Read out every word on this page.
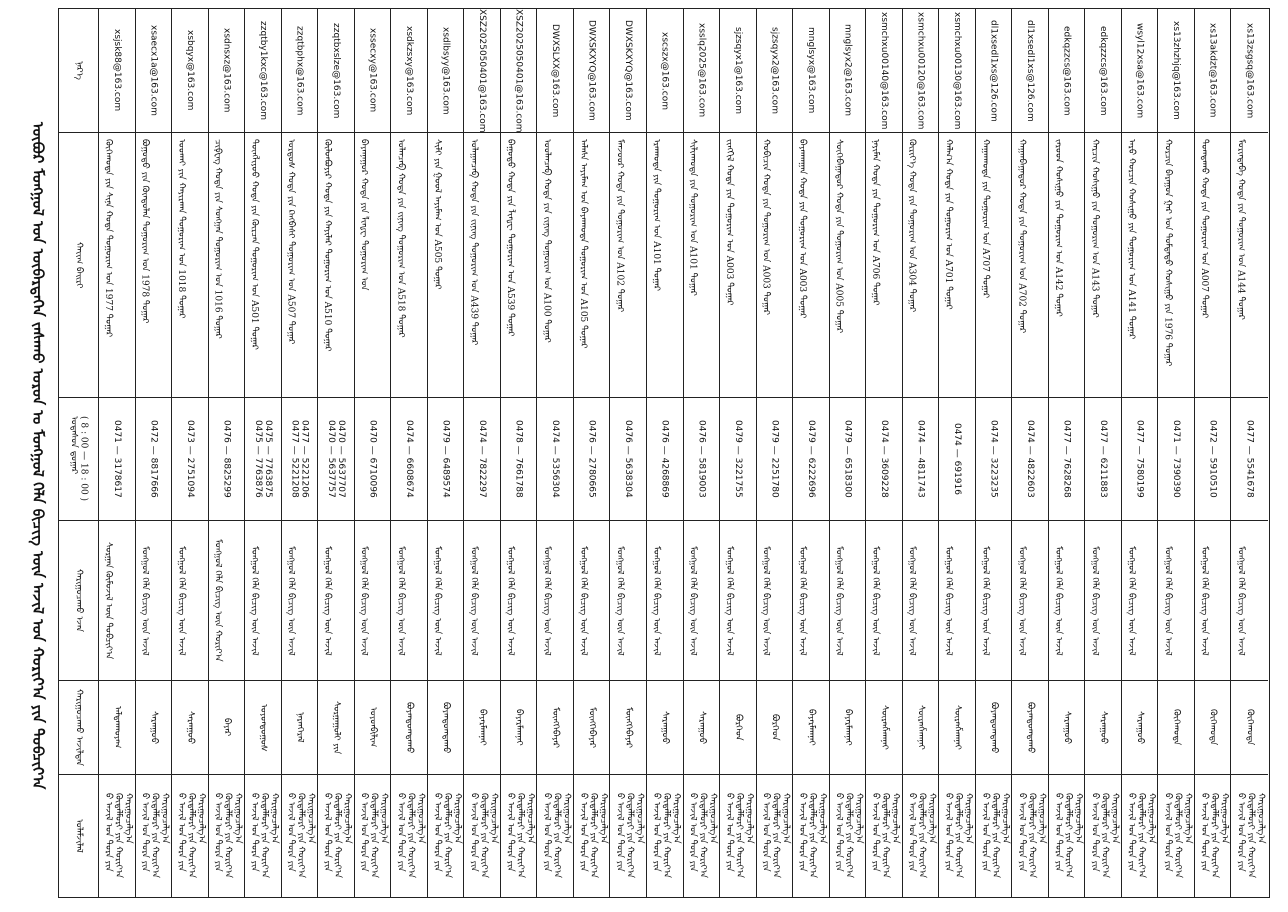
ᠦᠪᠦᠷ ᠮᠣᠩᠭᠣᠯ ᠤᠨ ᠥᠪᠡᠷᠲᠡᠭᠡᠨ ᠵᠠᠰᠠᠬᠤ ᠣᠷᠤᠨ ᠤ ᠮᠣᠩᠭᠣᠯ ᠬᠡᠯᠡ ᠪᠢᠴᠢᠭ ᠦᠨ ᠠᠵᠢᠯ ᠤᠨ ᠬᠤᠷᠢᠶ᠎ᠠ ᠶᠢᠨ ᠲᠣᠪᠴᠢᠶ᠎ᠠ
ᠨᠡᠷ᠎ᠡ
ᠬᠠᠶ᠋ᠢᠭ ᠪᠠᠢᠷᠢ
ᠤᠲᠠᠰᠤᠨ ᠳ᠋ᠤᠭᠠᠷ
( 8 : 00 — 18 : 00 )
ᠬᠠᠷᠢᠭᠤᠴᠠᠬᠤ ᠡᠵᠡᠨ
ᠬᠠᠷᠢᠭᠤᠴᠠᠬᠤ ᠠᠵᠢᠯᠲᠠᠨ
ᠤᠯᠠᠮᠵᠢᠯᠠᠯ
xsjsk88@163.com
ᠬᠥᠬᠡᠬᠣᠲᠠ ᠶᠢᠨ ᠰᠢᠨᠡ ᠬᠣᠲᠠ ᠲᠣᠭᠣᠷᠢᠭ ᠤᠨ 1977 ᠳᠤᠭᠠᠷ
0471 — 3178617
ᠰᠤᠷᠭᠠᠨ ᠬᠦᠮᠦᠵᠢᠯ ᠦᠨ ᠲᠣᠪᠴᠢᠶ᠎ᠠ
ᠠᠯᠲᠠᠨᠬᠤᠶᠠᠭ
ᠪ ᠠᠵᠢᠯ ᠤᠨ ᠳᠤᠷᠠ ᠶᠢᠨ
ᠬᠥᠳᠡᠯᠮᠦᠷᠢ ᠶᠢᠨ ᠬᠤᠷᠢᠶ᠎ᠠ
ᠬᠠᠷᠢᠭᠤᠴᠠᠯᠭ᠎ᠠ
xsaecx1a@163.com
ᠪᠤᠭᠤᠲᠤ ᠶᠢᠨ ᠬᠦᠨᠳᠦᠯᠡᠨ ᠲᠣᠭᠣᠷᠢᠭ ᠤᠨ 1978 ᠳᠤᠭᠠᠷ
0472 — 8817666
ᠮᠣᠩᠭᠣᠯ ᠬᠡᠯᠡ ᠪᠢᠴᠢᠭ ᠦᠨ ᠠᠵᠢᠯ
ᠰᠠᠷᠠᠨᠭᠣᠣ
ᠪ ᠠᠵᠢᠯ ᠤᠨ ᠳᠤᠷᠠ ᠶᠢᠨ
ᠬᠥᠳᠡᠯᠮᠦᠷᠢ ᠶᠢᠨ ᠬᠤᠷᠢᠶ᠎ᠠ
ᠬᠠᠷᠢᠭᠤᠴᠠᠯᠭ᠎ᠠ
xsbqyx@163.com
ᠤᠤᠬᠠᠢ ᠶᠢᠨ ᠬᠠᠶᠢᠷᠬᠠᠨ ᠲᠣᠭᠣᠷᠢᠭ ᠤᠨ 1018 ᠳᠤᠭᠠᠷ
0473 — 2751094
ᠮᠣᠩᠭᠣᠯ ᠬᠡᠯᠡ ᠪᠢᠴᠢᠭ ᠦᠨ ᠠᠵᠢᠯ
ᠰᠠᠷᠠᠨᠭᠣᠣ
ᠪ ᠠᠵᠢᠯ ᠤᠨ ᠳᠤᠷᠠ ᠶᠢᠨ
ᠬᠥᠳᠡᠯᠮᠦᠷᠢ ᠶᠢᠨ ᠬᠤᠷᠢᠶ᠎ᠠ
ᠬᠠᠷᠢᠭᠤᠴᠠᠯᠭ᠎ᠠ
xsdnsxz@163.com
ᠴᠢᠹᠧᠩ ᠬᠣᠲᠠ ᠶᠢᠨ ᠰᠣᠩᠭᠠᠨ ᠲᠣᠭᠣᠷᠢᠭ ᠤᠨ 1016 ᠳᠤᠭᠠᠷ
0476 — 8825299
ᠮᠣᠩᠭᠣᠯ ᠬᠡᠯᠡ ᠪᠢᠴᠢᠭ ᠦᠨ ᠬᠣᠷᠢᠶ᠎ᠠ
ᠪᠠᠶᠠᠷ
ᠪ ᠠᠵᠢᠯ ᠤᠨ ᠳᠤᠷᠠ ᠶᠢᠨ
ᠬᠥᠳᠡᠯᠮᠦᠷᠢ ᠶᠢᠨ ᠬᠤᠷᠢᠶ᠎ᠠ
ᠬᠠᠷᠢᠭᠤᠴᠠᠯᠭ᠎ᠠ
zzqtby1kxc@163.com
ᠲᠦᠩᠯᠢᠶᠣᠤ ᠬᠣᠲᠠ ᠶᠢᠨ ᠬᠦᠷᠴᠡᠨ ᠲᠣᠭᠣᠷᠢᠭ ᠤᠨ A501 ᠳᠤᠭᠠᠷ
0475 — 7763876
0475 — 7763875
ᠮᠣᠩᠭᠣᠯ ᠬᠡᠯᠡ ᠪᠢᠴᠢᠭ ᠦᠨ ᠠᠵᠢᠯ
ᠣᠶᠤᠨᠲᠣᠭᠣᠰ
ᠪ ᠠᠵᠢᠯ ᠤᠨ ᠳᠤᠷᠠ ᠶᠢᠨ
ᠬᠥᠳᠡᠯᠮᠦᠷᠢ ᠶᠢᠨ ᠬᠤᠷᠢᠶ᠎ᠠ
ᠬᠠᠷᠢᠭᠤᠴᠠᠯᠭ᠎ᠠ
zzqtbphx@163.com
ᠣᠷᠳᠣᠰ ᠬᠣᠲᠠ ᠶᠢᠨ ᠺᠠᠩᠪᠠᠰᠢ ᠲᠣᠭᠣᠷᠢᠭ ᠤᠨ A507 ᠳᠤᠭᠠᠷ
0477 — 5221208
0477 — 5221206
ᠮᠣᠩᠭᠣᠯ ᠬᠡᠯᠡ ᠪᠢᠴᠢᠭ ᠦᠨ ᠠᠵᠢᠯ
ᠨᠠᠷᠠᠨᠭᠡᠷᠡᠯ
ᠪ ᠠᠵᠢᠯ ᠤᠨ ᠳᠤᠷᠠ ᠶᠢᠨ
ᠬᠥᠳᠡᠯᠮᠦᠷᠢ ᠶᠢᠨ ᠬᠤᠷᠢᠶ᠎ᠠ
ᠬᠠᠷᠢᠭᠤᠴᠠᠯᠭ᠎ᠠ
zzqtbxslze@163.com
ᠬᠥᠯᠥᠨᠪᠤᠶᠢᠷ ᠬᠣᠲᠠ ᠶᠢᠨ ᠬᠠᠶᠢᠯᠠᠷ ᠲᠣᠭᠣᠷᠢᠭ ᠤᠨ A510 ᠳᠤᠭᠠᠷ
0470 — 5637757
0470 — 5637707
ᠮᠣᠩᠭᠣᠯ ᠬᠡᠯᠡ ᠪᠢᠴᠢᠭ ᠦᠨ ᠠᠵᠢᠯ
ᠰᠤᠷᠭᠠᠭᠤᠯᠢ ᠶᠢᠨ
ᠪ ᠠᠵᠢᠯ ᠤᠨ ᠳᠤᠷᠠ ᠶᠢᠨ
ᠬᠥᠳᠡᠯᠮᠦᠷᠢ ᠶᠢᠨ ᠬᠤᠷᠢᠶ᠎ᠠ
ᠬᠠᠷᠢᠭᠤᠴᠠᠯᠭ᠎ᠠ
xssecxy@163.com
ᠪᠠᠶᠠᠨᠨᠠᠭᠤᠷ ᠬᠣᠲᠠ ᠶᠢᠨ ᠯᠢᠨᠾᠧ ᠲᠣᠭᠣᠷᠢᠭ ᠤᠨ
0470 — 6710096
ᠮᠣᠩᠭᠣᠯ ᠬᠡᠯᠡ ᠪᠢᠴᠢᠭ ᠦᠨ ᠠᠵᠢᠯ
ᠣᠶᠤᠨᠪᠢᠯᠢᠭ
ᠪ ᠠᠵᠢᠯ ᠤᠨ ᠳᠤᠷᠠ ᠶᠢᠨ
ᠬᠥᠳᠡᠯᠮᠦᠷᠢ ᠶᠢᠨ ᠬᠤᠷᠢᠶ᠎ᠠ
ᠬᠠᠷᠢᠭᠤᠴᠠᠯᠭ᠎ᠠ
xsdkzsxy@163.com
ᠣᠯᠠᠨᠴᠠᠪ ᠬᠣᠲᠠ ᠶᠢᠨ ᠵᠢᠨᠢᠩ ᠲᠣᠭᠣᠷᠢᠭ ᠤᠨ A518 ᠳᠤᠭᠠᠷ
0474 — 6608674
ᠮᠣᠩᠭᠣᠯ ᠬᠡᠯᠡ ᠪᠢᠴᠢᠭ ᠦᠨ ᠠᠵᠢᠯ
ᠪᠤᠶᠠᠨᠲᠣᠭᠲᠠᠬᠤ
ᠪ ᠠᠵᠢᠯ ᠤᠨ ᠳᠤᠷᠠ ᠶᠢᠨ
ᠬᠥᠳᠡᠯᠮᠦᠷᠢ ᠶᠢᠨ ᠬᠤᠷᠢᠶ᠎ᠠ
ᠬᠠᠷᠢᠭᠤᠴᠠᠯᠭ᠎ᠠ
xsdlbsyy@163.com
ᠰᠢᠯᠢ ᠶᠢᠨ ᠭᠣᠣᠯ ᠠᠶᠢᠮᠠᠭ ᠤᠨ A505 ᠳᠤᠭᠠᠷ
0479 — 6489574
ᠮᠣᠩᠭᠣᠯ ᠬᠡᠯᠡ ᠪᠢᠴᠢᠭ ᠦᠨ ᠠᠵᠢᠯ
ᠪᠤᠶᠠᠨᠲᠣᠭᠲᠠᠬᠤ
ᠪ ᠠᠵᠢᠯ ᠤᠨ ᠳᠤᠷᠠ ᠶᠢᠨ
ᠬᠥᠳᠡᠯᠮᠦᠷᠢ ᠶᠢᠨ ᠬᠤᠷᠢᠶ᠎ᠠ
ᠬᠠᠷᠢᠭᠤᠴᠠᠯᠭ᠎ᠠ
XSZ2025050401@163.com
ᠤᠯᠠᠭᠠᠨᠴᠠᠪ ᠬᠣᠲᠠ ᠶᠢᠨ ᠵᠢᠨᠢᠩ ᠲᠣᠭᠣᠷᠢᠭ ᠤᠨ A439 ᠳᠤᠭᠠᠷ
0474 — 7822297
ᠮᠣᠩᠭᠣᠯ ᠬᠡᠯᠡ ᠪᠢᠴᠢᠭ ᠦᠨ ᠠᠵᠢᠯ
ᠪᠠᠶᠠᠷᠮᠠᠭᠨᠠᠢ
ᠪ ᠠᠵᠢᠯ ᠤᠨ ᠳᠤᠷᠠ ᠶᠢᠨ
ᠬᠥᠳᠡᠯᠮᠦᠷᠢ ᠶᠢᠨ ᠬᠤᠷᠢᠶ᠎ᠠ
ᠬᠠᠷᠢᠭᠤᠴᠠᠯᠭ᠎ᠠ
XSZ2025050401@163.com
ᠪᠠᠭᠤᠳᠤ ᠬᠣᠲᠠ ᠶᠢᠨ ᠯᠢᠨᠾᠧ ᠲᠣᠭᠣᠷᠢᠭ ᠤᠨ A539 ᠳᠤᠭᠠᠷ
0478 — 7661788
ᠮᠣᠩᠭᠣᠯ ᠬᠡᠯᠡ ᠪᠢᠴᠢᠭ ᠦᠨ ᠠᠵᠢᠯ
ᠪᠠᠶᠠᠷᠮᠠᠭᠨᠠᠢ
ᠪ ᠠᠵᠢᠯ ᠤᠨ ᠳᠤᠷᠠ ᠶᠢᠨ
ᠬᠥᠳᠡᠯᠮᠦᠷᠢ ᠶᠢᠨ ᠬᠤᠷᠢᠶ᠎ᠠ
ᠬᠠᠷᠢᠭᠤᠴᠠᠯᠭ᠎ᠠ
DWXSLXX@163.com
ᠤᠤᠯᠠᠨᠴᠠᠪ ᠬᠣᠲᠠ ᠶᠢᠨ ᠵᠢᠨᠢᠩ ᠲᠣᠭᠣᠷᠢᠭ ᠤᠨ A100 ᠳᠤᠭᠠᠷ
0474 — 5356304
ᠮᠣᠩᠭᠣᠯ ᠬᠡᠯᠡ ᠪᠢᠴᠢᠭ ᠦᠨ ᠠᠵᠢᠯ
ᠮᠥᠩᠬᠡᠪᠠᠶᠠᠷ
ᠪ ᠠᠵᠢᠯ ᠤᠨ ᠳᠤᠷᠠ ᠶᠢᠨ
ᠬᠥᠳᠡᠯᠮᠦᠷᠢ ᠶᠢᠨ ᠬᠤᠷᠢᠶ᠎ᠠ
ᠬᠠᠷᠢᠭᠤᠴᠠᠯᠭ᠎ᠠ
DWXSKXYQ@163.com
ᠠᠯᠠᠰᠠ ᠠᠶᠢᠮᠠᠭ ᠤᠨ ᠪᠠᠶᠠᠨᠬᠣᠲᠠ ᠲᠣᠭᠣᠷᠢᠭ ᠤᠨ A105 ᠳᠤᠭᠠᠷ
0476 — 2780665
ᠮᠣᠩᠭᠣᠯ ᠬᠡᠯᠡ ᠪᠢᠴᠢᠭ ᠦᠨ ᠠᠵᠢᠯ
ᠮᠥᠩᠬᠡᠪᠠᠶᠠᠷ
ᠪ ᠠᠵᠢᠯ ᠤᠨ ᠳᠤᠷᠠ ᠶᠢᠨ
ᠬᠥᠳᠡᠯᠮᠦᠷᠢ ᠶᠢᠨ ᠬᠤᠷᠢᠶ᠎ᠠ
ᠬᠠᠷᠢᠭᠤᠴᠠᠯᠭ᠎ᠠ
DWXSKXYQ@163.com
ᠮᠠᠨᠵᠤᠤᠷ ᠬᠣᠲᠠ ᠶᠢᠨ ᠲᠣᠭᠣᠷᠢᠭ ᠤᠨ A102 ᠳᠤᠭᠠᠷ
0476 — 5638304
ᠮᠣᠩᠭᠣᠯ ᠬᠡᠯᠡ ᠪᠢᠴᠢᠭ ᠦᠨ ᠠᠵᠢᠯ
ᠮᠥᠩᠬᠡᠪᠠᠶᠠᠷ
ᠪ ᠠᠵᠢᠯ ᠤᠨ ᠳᠤᠷᠠ ᠶᠢᠨ
ᠬᠥᠳᠡᠯᠮᠦᠷᠢ ᠶᠢᠨ ᠬᠤᠷᠢᠶ᠎ᠠ
ᠬᠠᠷᠢᠭᠤᠴᠠᠯᠭ᠎ᠠ
xscszx@163.com
ᠡᠷᠡᠨᠬᠣᠲᠠ ᠶᠢᠨ ᠲᠣᠭᠣᠷᠢᠭ ᠤᠨ A101 ᠳᠤᠭᠠᠷ
0476 — 4268869
ᠮᠣᠩᠭᠣᠯ ᠬᠡᠯᠡ ᠪᠢᠴᠢᠭ ᠦᠨ ᠠᠵᠢᠯ
ᠰᠠᠷᠠᠨᠭᠣᠣ
ᠪ ᠠᠵᠢᠯ ᠤᠨ ᠳᠤᠷᠠ ᠶᠢᠨ
ᠬᠥᠳᠡᠯᠮᠦᠷᠢ ᠶᠢᠨ ᠬᠤᠷᠢᠶ᠎ᠠ
ᠬᠠᠷᠢᠭᠤᠴᠠᠯᠭ᠎ᠠ
xsslq2025@163.com
ᠰᠢᠯᠢᠨᠬᠣᠲᠠ ᠶᠢᠨ ᠲᠣᠭᠣᠷᠢᠭ ᠤᠨ A101 ᠳᠤᠭᠠᠷ
0476 — 5819003
ᠮᠣᠩᠭᠣᠯ ᠬᠡᠯᠡ ᠪᠢᠴᠢᠭ ᠦᠨ ᠠᠵᠢᠯ
ᠰᠠᠷᠠᠨᠭᠣᠣ
ᠪ ᠠᠵᠢᠯ ᠤᠨ ᠳᠤᠷᠠ ᠶᠢᠨ
ᠬᠥᠳᠡᠯᠮᠦᠷᠢ ᠶᠢᠨ ᠬᠤᠷᠢᠶ᠎ᠠ
ᠬᠠᠷᠢᠭᠤᠴᠠᠯᠭ᠎ᠠ
sjzsqyx1@163.com
ᠵᠢᠩᠭᠢᠯ ᠬᠣᠲᠠ ᠶᠢᠨ ᠲᠣᠭᠣᠷᠢᠭ ᠤᠨ A003 ᠳᠤᠭᠠᠷ
0479 — 3221755
ᠮᠣᠩᠭᠣᠯ ᠬᠡᠯᠡ ᠪᠢᠴᠢᠭ ᠦᠨ ᠠᠵᠢᠯ
ᠪᠤᠷᠭᠡᠳ
ᠪ ᠠᠵᠢᠯ ᠤᠨ ᠳᠤᠷᠠ ᠶᠢᠨ
ᠬᠥᠳᠡᠯᠮᠦᠷᠢ ᠶᠢᠨ ᠬᠤᠷᠢᠶ᠎ᠠ
ᠬᠠᠷᠢᠭᠤᠴᠠᠯᠭ᠎ᠠ
sjzsqyx2@163.com
ᠬᠤᠪᠢᠴᠢᠨ ᠬᠣᠲᠠ ᠶᠢᠨ ᠲᠣᠭᠣᠷᠢᠭ ᠤᠨ A003 ᠳᠤᠭᠠᠷ
0479 — 2251780
ᠮᠣᠩᠭᠣᠯ ᠬᠡᠯᠡ ᠪᠢᠴᠢᠭ ᠦᠨ ᠠᠵᠢᠯ
ᠪᠤᠷᠭᠡᠳ
ᠪ ᠠᠵᠢᠯ ᠤᠨ ᠳᠤᠷᠠ ᠶᠢᠨ
ᠬᠥᠳᠡᠯᠮᠦᠷᠢ ᠶᠢᠨ ᠬᠤᠷᠢᠶ᠎ᠠ
ᠬᠠᠷᠢᠭᠤᠴᠠᠯᠭ᠎ᠠ
mnglsyx@163.com
ᠪᠠᠶᠠᠨᠬᠠᠭᠠᠨ ᠬᠣᠲᠠ ᠶᠢᠨ ᠲᠣᠭᠣᠷᠢᠭ ᠤᠨ A003 ᠳᠤᠭᠠᠷ
0479 — 6222696
ᠮᠣᠩᠭᠣᠯ ᠬᠡᠯᠡ ᠪᠢᠴᠢᠭ ᠦᠨ ᠠᠵᠢᠯ
ᠪᠠᠶᠠᠷᠮᠠᠭᠨᠠᠢ
ᠪ ᠠᠵᠢᠯ ᠤᠨ ᠳᠤᠷᠠ ᠶᠢᠨ
ᠬᠥᠳᠡᠯᠮᠦᠷᠢ ᠶᠢᠨ ᠬᠤᠷᠢᠶ᠎ᠠ
ᠬᠠᠷᠢᠭᠤᠴᠠᠯᠭ᠎ᠠ
mnglsyx2@163.com
ᠰᠦᠬᠡᠪᠠᠭᠠᠲᠤᠷ ᠬᠣᠲᠠ ᠶᠢᠨ ᠲᠣᠭᠣᠷᠢᠭ ᠤᠨ A005 ᠳᠤᠭᠠᠷ
0479 — 6518300
ᠮᠣᠩᠭᠣᠯ ᠬᠡᠯᠡ ᠪᠢᠴᠢᠭ ᠦᠨ ᠠᠵᠢᠯ
ᠪᠠᠶᠠᠷᠮᠠᠭᠨᠠᠢ
ᠪ ᠠᠵᠢᠯ ᠤᠨ ᠳᠤᠷᠠ ᠶᠢᠨ
ᠬᠥᠳᠡᠯᠮᠦᠷᠢ ᠶᠢᠨ ᠬᠤᠷᠢᠶ᠎ᠠ
ᠬᠠᠷᠢᠭᠤᠴᠠᠯᠭ᠎ᠠ
xsmchxu00140@163.com
ᠨᠠᠶᠢᠮᠠᠨ ᠬᠣᠲᠠ ᠶᠢᠨ ᠲᠣᠭᠣᠷᠢᠭ ᠤᠨ A706 ᠳᠤᠭᠠᠷ
0474 — 3609228
ᠮᠣᠩᠭᠣᠯ ᠬᠡᠯᠡ ᠪᠢᠴᠢᠭ ᠦᠨ ᠠᠵᠢᠯ
ᠰᠦᠷᠡᠩᠮᠠᠭᠨᠠᠢ
ᠪ ᠠᠵᠢᠯ ᠤᠨ ᠳᠤᠷᠠ ᠶᠢᠨ
ᠬᠥᠳᠡᠯᠮᠦᠷᠢ ᠶᠢᠨ ᠬᠤᠷᠢᠶ᠎ᠠ
ᠬᠠᠷᠢᠭᠤᠴᠠᠯᠭ᠎ᠠ
xsmchxu00120@163.com
ᠬᠦᠷᠢᠶ᠎ᠡ ᠬᠣᠲᠠ ᠶᠢᠨ ᠲᠣᠭᠣᠷᠢᠭ ᠤᠨ A304 ᠳᠤᠭᠠᠷ
0474 — 4811743
ᠮᠣᠩᠭᠣᠯ ᠬᠡᠯᠡ ᠪᠢᠴᠢᠭ ᠦᠨ ᠠᠵᠢᠯ
ᠰᠦᠷᠡᠩᠮᠠᠭᠨᠠᠢ
ᠪ ᠠᠵᠢᠯ ᠤᠨ ᠳᠤᠷᠠ ᠶᠢᠨ
ᠬᠥᠳᠡᠯᠮᠦᠷᠢ ᠶᠢᠨ ᠬᠤᠷᠢᠶ᠎ᠠ
ᠬᠠᠷᠢᠭᠤᠴᠠᠯᠭ᠎ᠠ
xsmchxu00130@163.com
ᠬᠠᠯᠬ᠎ᠠ ᠬᠣᠲᠠ ᠶᠢᠨ ᠲᠣᠭᠣᠷᠢᠭ ᠤᠨ A701 ᠳᠤᠭᠠᠷ
0474 — 691916
ᠮᠣᠩᠭᠣᠯ ᠬᠡᠯᠡ ᠪᠢᠴᠢᠭ ᠦᠨ ᠠᠵᠢᠯ
ᠰᠦᠷᠡᠩᠮᠠᠭᠨᠠᠢ
ᠪ ᠠᠵᠢᠯ ᠤᠨ ᠳᠤᠷᠠ ᠶᠢᠨ
ᠬᠥᠳᠡᠯᠮᠦᠷᠢ ᠶᠢᠨ ᠬᠤᠷᠢᠶ᠎ᠠ
ᠬᠠᠷᠢᠭᠤᠴᠠᠯᠭ᠎ᠠ
dl1xsedl1xs@126.com
ᠬᠠᠭᠠᠨᠬᠣᠲᠠ ᠶᠢᠨ ᠲᠣᠭᠣᠷᠢᠭ ᠤᠨ A707 ᠳᠤᠭᠠᠷ
0474 — 3223235
ᠮᠣᠩᠭᠣᠯ ᠬᠡᠯᠡ ᠪᠢᠴᠢᠭ ᠦᠨ ᠠᠵᠢᠯ
ᠪᠤᠶᠠᠨᠲᠣᠭᠲᠠᠬᠤ
ᠪ ᠠᠵᠢᠯ ᠤᠨ ᠳᠤᠷᠠ ᠶᠢᠨ
ᠬᠥᠳᠡᠯᠮᠦᠷᠢ ᠶᠢᠨ ᠬᠤᠷᠢᠶ᠎ᠠ
ᠬᠠᠷᠢᠭᠤᠴᠠᠯᠭ᠎ᠠ
dl1xsedl1xs@126.com
ᠬᠠᠭᠠᠨᠪᠠᠭᠠᠲᠤᠷ ᠬᠣᠲᠠ ᠶᠢᠨ ᠲᠣᠭᠣᠷᠢᠭ ᠤᠨ A702 ᠳᠤᠭᠠᠷ
0474 — 4822603
ᠮᠣᠩᠭᠣᠯ ᠬᠡᠯᠡ ᠪᠢᠴᠢᠭ ᠦᠨ ᠠᠵᠢᠯ
ᠪᠤᠶᠠᠨᠲᠣᠭᠲᠠᠬᠤ
ᠪ ᠠᠵᠢᠯ ᠤᠨ ᠳᠤᠷᠠ ᠶᠢᠨ
ᠬᠥᠳᠡᠯᠮᠦᠷᠢ ᠶᠢᠨ ᠬᠤᠷᠢᠶ᠎ᠠ
ᠬᠠᠷᠢᠭᠤᠴᠠᠯᠭ᠎ᠠ
edkqzzcs@163.com
ᠵᠠᠷᠤᠳ ᠬᠣᠰᠢᠭᠤ ᠶᠢᠨ ᠲᠣᠭᠣᠷᠢᠭ ᠤᠨ A142 ᠳᠤᠭᠠᠷ
0477 — 7628268
ᠮᠣᠩᠭᠣᠯ ᠬᠡᠯᠡ ᠪᠢᠴᠢᠭ ᠦᠨ ᠠᠵᠢᠯ
ᠰᠠᠷᠠᠨᠭᠣᠣ
ᠪ ᠠᠵᠢᠯ ᠤᠨ ᠳᠤᠷᠠ ᠶᠢᠨ
ᠬᠥᠳᠡᠯᠮᠦᠷᠢ ᠶᠢᠨ ᠬᠤᠷᠢᠶ᠎ᠠ
ᠬᠠᠷᠢᠭᠤᠴᠠᠯᠭ᠎ᠠ
edkqzzcs@163.com
ᠬᠠᠷᠴᠢᠨ ᠬᠣᠰᠢᠭᠤ ᠶᠢᠨ ᠲᠣᠭᠣᠷᠢᠭ ᠤᠨ A143 ᠳᠤᠭᠠᠷ
0477 — 6211883
ᠮᠣᠩᠭᠣᠯ ᠬᠡᠯᠡ ᠪᠢᠴᠢᠭ ᠦᠨ ᠠᠵᠢᠯ
ᠰᠠᠷᠠᠨᠭᠣᠣ
ᠪ ᠠᠵᠢᠯ ᠤᠨ ᠳᠤᠷᠠ ᠶᠢᠨ
ᠬᠥᠳᠡᠯᠮᠦᠷᠢ ᠶᠢᠨ ᠬᠤᠷᠢᠶ᠎ᠠ
ᠬᠠᠷᠢᠭᠤᠴᠠᠯᠭ᠎ᠠ
wsyl12xsa@163.com
ᠠᠷᠤ ᠬᠣᠷᠴᠢᠨ ᠬᠣᠰᠢᠭᠤ ᠶᠢᠨ ᠲᠣᠭᠣᠷᠢᠭ ᠤᠨ A141 ᠳᠤᠭᠠᠷ
0477 — 7580199
ᠮᠣᠩᠭᠣᠯ ᠬᠡᠯᠡ ᠪᠢᠴᠢᠭ ᠦᠨ ᠠᠵᠢᠯ
ᠰᠠᠷᠠᠨᠭᠣᠣ
ᠪ ᠠᠵᠢᠯ ᠤᠨ ᠳᠤᠷᠠ ᠶᠢᠨ
ᠬᠥᠳᠡᠯᠮᠦᠷᠢ ᠶᠢᠨ ᠬᠤᠷᠢᠶ᠎ᠠ
ᠬᠠᠷᠢᠭᠤᠴᠠᠯᠭ᠎ᠠ
xs13zhzhjq@163.com
ᠬᠣᠷᠴᠢᠨ ᠪᠠᠷᠠᠭᠤᠨ ᠭᠠᠷ ᠤᠨ ᠳᠤᠮᠳᠠᠳᠤ ᠬᠣᠰᠢᠭᠤ ᠶᠢᠨ 1976 ᠳᠤᠭᠠᠷ
0471 — 7390390
ᠮᠣᠩᠭᠣᠯ ᠬᠡᠯᠡ ᠪᠢᠴᠢᠭ ᠦᠨ ᠠᠵᠢᠯ
ᠬᠥᠬᠡᠬᠣᠲᠠ
ᠪ ᠠᠵᠢᠯ ᠤᠨ ᠳᠤᠷᠠ ᠶᠢᠨ
ᠬᠥᠳᠡᠯᠮᠦᠷᠢ ᠶᠢᠨ ᠬᠤᠷᠢᠶ᠎ᠠ
ᠬᠠᠷᠢᠭᠤᠴᠠᠯᠭ᠎ᠠ
xs13akdzt@163.com
ᠲᠣᠭᠲᠠᠬᠤ ᠬᠣᠲᠠ ᠶᠢᠨ ᠲᠣᠭᠣᠷᠢᠭ ᠤᠨ A007 ᠳᠤᠭᠠᠷ
0472 — 5910510
ᠮᠣᠩᠭᠣᠯ ᠬᠡᠯᠡ ᠪᠢᠴᠢᠭ ᠦᠨ ᠠᠵᠢᠯ
ᠬᠥᠬᠡᠬᠣᠲᠠ
ᠪ ᠠᠵᠢᠯ ᠤᠨ ᠳᠤᠷᠠ ᠶᠢᠨ
ᠬᠥᠳᠡᠯᠮᠦᠷᠢ ᠶᠢᠨ ᠬᠤᠷᠢᠶ᠎ᠠ
ᠬᠠᠷᠢᠭᠤᠴᠠᠯᠭ᠎ᠠ
xs13zsgsq@163.com
ᠮᠣᠷᠢᠨᠳᠠᠪᠠ ᠬᠣᠲᠠ ᠶᠢᠨ ᠲᠣᠭᠣᠷᠢᠭ ᠤᠨ A144 ᠳᠤᠭᠠᠷ
0477 — 5541678
ᠮᠣᠩᠭᠣᠯ ᠬᠡᠯᠡ ᠪᠢᠴᠢᠭ ᠦᠨ ᠠᠵᠢᠯ
ᠬᠥᠬᠡᠬᠣᠲᠠ
ᠪ ᠠᠵᠢᠯ ᠤᠨ ᠳᠤᠷᠠ ᠶᠢᠨ
ᠬᠥᠳᠡᠯᠮᠦᠷᠢ ᠶᠢᠨ ᠬᠤᠷᠢᠶ᠎ᠠ
ᠬᠠᠷᠢᠭᠤᠴᠠᠯᠭ᠎ᠠ
